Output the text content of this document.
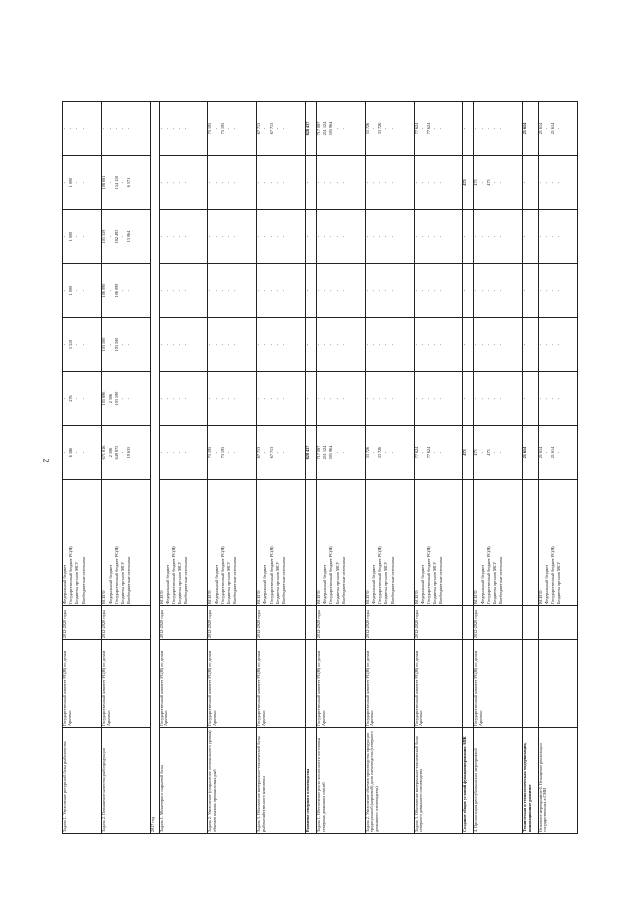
2
Задача 1. Увеличение ресурсной базы рыболовства	Государственный комитет РС(Я) по делам Арктики	2012-2020 годы	Федеральный бюджет Государственный бюджет РС(Я) Бюджеты органов МСУ Внебюджетные источники	- 6 386 - -	- 276 - -	- 3 310 - -	- 1 000 - -	- 1 000 - -	- 1 000 - -	- - - -

Задача 2. Повышение качества рыбопродукции	Государственный комитет РС(Я) по делам Арктики	2012-2020 годы	ВСЕГО Федеральный бюджет Государственный бюджет РС(Я) Бюджеты органов МСУ Внебюджетные источники	671 816 2 306 649 875 - 19 635	105 896 2 306 103 590 - -	103 500 - 103 500 - -	106 090 - 106 090 - -	105 559 - 182 495 - 13 064	108 681 - 154 110 - 6 571	- - - - -

2017 год										
Задача 1. Мониторинг сырьевой базы	Государственный комитет РС(Я) по делам Арктики	2012-2020 годы	ВСЕГО Федеральный бюджет Государственный бюджет РС(Я) Бюджеты органов МСУ Внебюджетные источники	- - - - -	- - - - -	- - - - -	- - - - -	- - - - -	- - - - -	- - - - -

Задача 2. Увеличение (сохранение оптимального уровня) объемов вылова промысловых рыб	Государственный комитет РС(Я) по делам Арктики	2012-2020 годы	ВСЕГО Федеральный бюджет Государственный бюджет РС(Я) Бюджеты органов МСУ Внебюджетные источники	73 195 - 73 195 - -	- - - - -	- - - - -	- - - - -	- - - - -	- - - - -	73 195 - 73 195 - -

Задача 3. Обновление материально-технической базы рыбохозяйственного комплекса	Государственный комитет РС(Я) по делам Арктики	2012-2020 годы	ВСЕГО Федеральный бюджет Государственный бюджет РС(Я) Бюджеты органов МСУ Внебюджетные источники	67 713 - 67 713 - -	- - - - -	- - - - -	- - - - -	- - - - -	- - - - -	67 713 - 67 713 - -

Развитие северного оленеводства				828 437	-	-	-	-	-	828 437

Задача 1. Обеспечение роста численности поголовья северных домашних оленей	Государственный комитет РС(Я) по делам Арктики	2012-2020 годы	ВСЕГО Федеральный бюджет Государственный бюджет РС(Я) Бюджеты органов МСУ Внебюджетные источники	717 087 211 124 505 964 - -	- - - - -	- - - - -	- - - - -	- - - - -	- - - - -	717 087 211 124 505 964 - -

Задача 2. Увеличение объемов производства продукции традиционной (кормовой) доли оленеводства (северного домашнего оленеводства)	Государственный комитет РС(Я) по делам Арктики	2012-2020 годы	ВСЕГО Федеральный бюджет Государственный бюджет РС(Я) Бюджеты органов МСУ Внебюджетные источники	33 726 - 33 726 - -	- - - - -	- - - - -	- - - - -	- - - - -	- - - - -	33 726 - 33 726 - -

Задача 3. Обновление материально-технической базы северного домашнего оленеводства	Государственный комитет РС(Я) по делам Арктики	2012-2020 годы	ВСЕГО Федеральный бюджет Государственный бюджет РС(Я) Бюджеты органов МСУ Внебюджетные источники	77 624 - 77 624 - -	- - - - -	- - - - -	- - - - -	- - - - -	- - - - -	77 624 - 77 624 - -

Создание общих условий функционирования АПК				473	-	-	-	-	473	-

4. Организация республиканских мероприятий	Государственный комитет РС(Я) по делам Арктики	2012-2020 годы	ВСЕГО Федеральный бюджет Государственный бюджет РС(Я) Бюджеты органов МСУ Внебюджетные источники	473 - 473 - -	- - - - -	- - - - -	- - - - -	- - - - -	473 - 473 - -	- - - - -

Техническая и технологическая модернизация, инновационное развитие				21 614	-	-	-	-	-	21 614

Основное мероприятие 6. Оснащение реализации государственных в СМИ			ВСЕГО Федеральный бюджет Государственный бюджет РС(Я) Бюджеты органов МСУ	21 614 - 21 614 -	- - - -	- - - -	- - - -	- - - -	- - - -	21 614 - 21 614 -
